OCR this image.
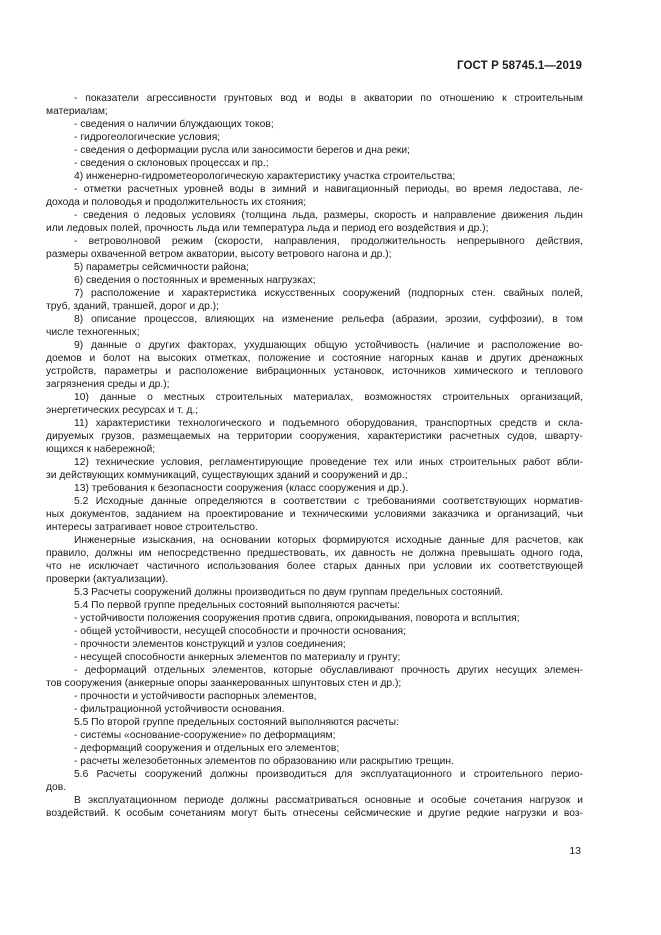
ГОСТ Р 58745.1—2019
- показатели агрессивности грунтовых вод и воды в акватории по отношению к строительным
материалам;
- сведения о наличии блуждающих токов;
- гидрогеологические условия;
- сведения о деформации русла или заносимости берегов и дна реки;
- сведения о склоновых процессах и пр.;
4) инженерно-гидрометеорологическую характеристику участка строительства;
- отметки расчетных уровней воды в зимний и навигационный периоды, во время ледостава, ле-
дохода и половодья и продолжительность их стояния;
- сведения о ледовых условиях (толщина льда, размеры, скорость и направление движения льдин
или ледовых полей, прочность льда или температура льда и период его воздействия и др.);
- ветроволновой режим (скорости, направления, продолжительность непрерывного действия,
размеры охваченной ветром акватории, высоту ветрового нагона и др.);
5) параметры сейсмичности района;
6) сведения о постоянных и временных нагрузках;
7) расположение и характеристика искусственных сооружений (подпорных стен. свайных полей,
труб, зданий, траншей, дорог и др.);
8) описание процессов, влияющих на изменение рельефа (абразии, эрозии, суффозии), в том
числе техногенных;
9) данные о других факторах, ухудшающих общую устойчивость (наличие и расположение во-
доемов и болот на высоких отметках, положение и состояние нагорных канав и других дренажных
устройств, параметры и расположение вибрационных установок, источников химического и теплового
загрязнения среды и др.);
10) данные о местных строительных материалах, возможностях строительных организаций,
энергетических ресурсах и т. д.;
11) характеристики технологического и подъемного оборудования, транспортных средств и скла-
дируемых грузов, размещаемых на территории сооружения, характеристики расчетных судов, шварту-
ющихся к набережной;
12) технические условия, регламентирующие проведение тех или иных строительных работ вбли-
зи действующих коммуникаций, существующих зданий и сооружений и др.;
13) требования к безопасности сооружения (класс сооружения и др.).
5.2 Исходные данные определяются в соответствии с требованиями соответствующих норматив-
ных документов, заданием на проектирование и техническими условиями заказчика и организаций, чьи
интересы затрагивает новое строительство.
Инженерные изыскания, на основании которых формируются исходные данные для расчетов, как
правило, должны им непосредственно предшествовать, их давность не должна превышать одного года,
что не исключает частичного использования более старых данных при условии их соответствующей
проверки (актуализации).
5.3 Расчеты сооружений должны производиться по двум группам предельных состояний.
5.4 По первой группе предельных состояний выполняются расчеты:
- устойчивости положения сооружения против сдвига, опрокидывания, поворота и всплытия;
- общей устойчивости, несущей способности и прочности основания;
- прочности элементов конструкций и узлов соединения;
- несущей способности анкерных элементов по материалу и грунту;
- деформаций отдельных элементов, которые обуславливают прочность других несущих элемен-
тов сооружения (анкерные опоры заанкерованных шпунтовых стен и др.);
- прочности и устойчивости распорных элементов,
- фильтрационной устойчивости основания.
5.5 По второй группе предельных состояний выполняются расчеты:
- системы «основание-сооружение» по деформациям;
- деформаций сооружения и отдельных его элементов;
- расчеты железобетонных элементов по образованию или раскрытию трещин.
5.6 Расчеты сооружений должны производиться для эксплуатационного и строительного перио-
дов.
В эксплуатационном периоде должны рассматриваться основные и особые сочетания нагрузок и
воздействий. К особым сочетаниям могут быть отнесены сейсмические и другие редкие нагрузки и воз-
13
